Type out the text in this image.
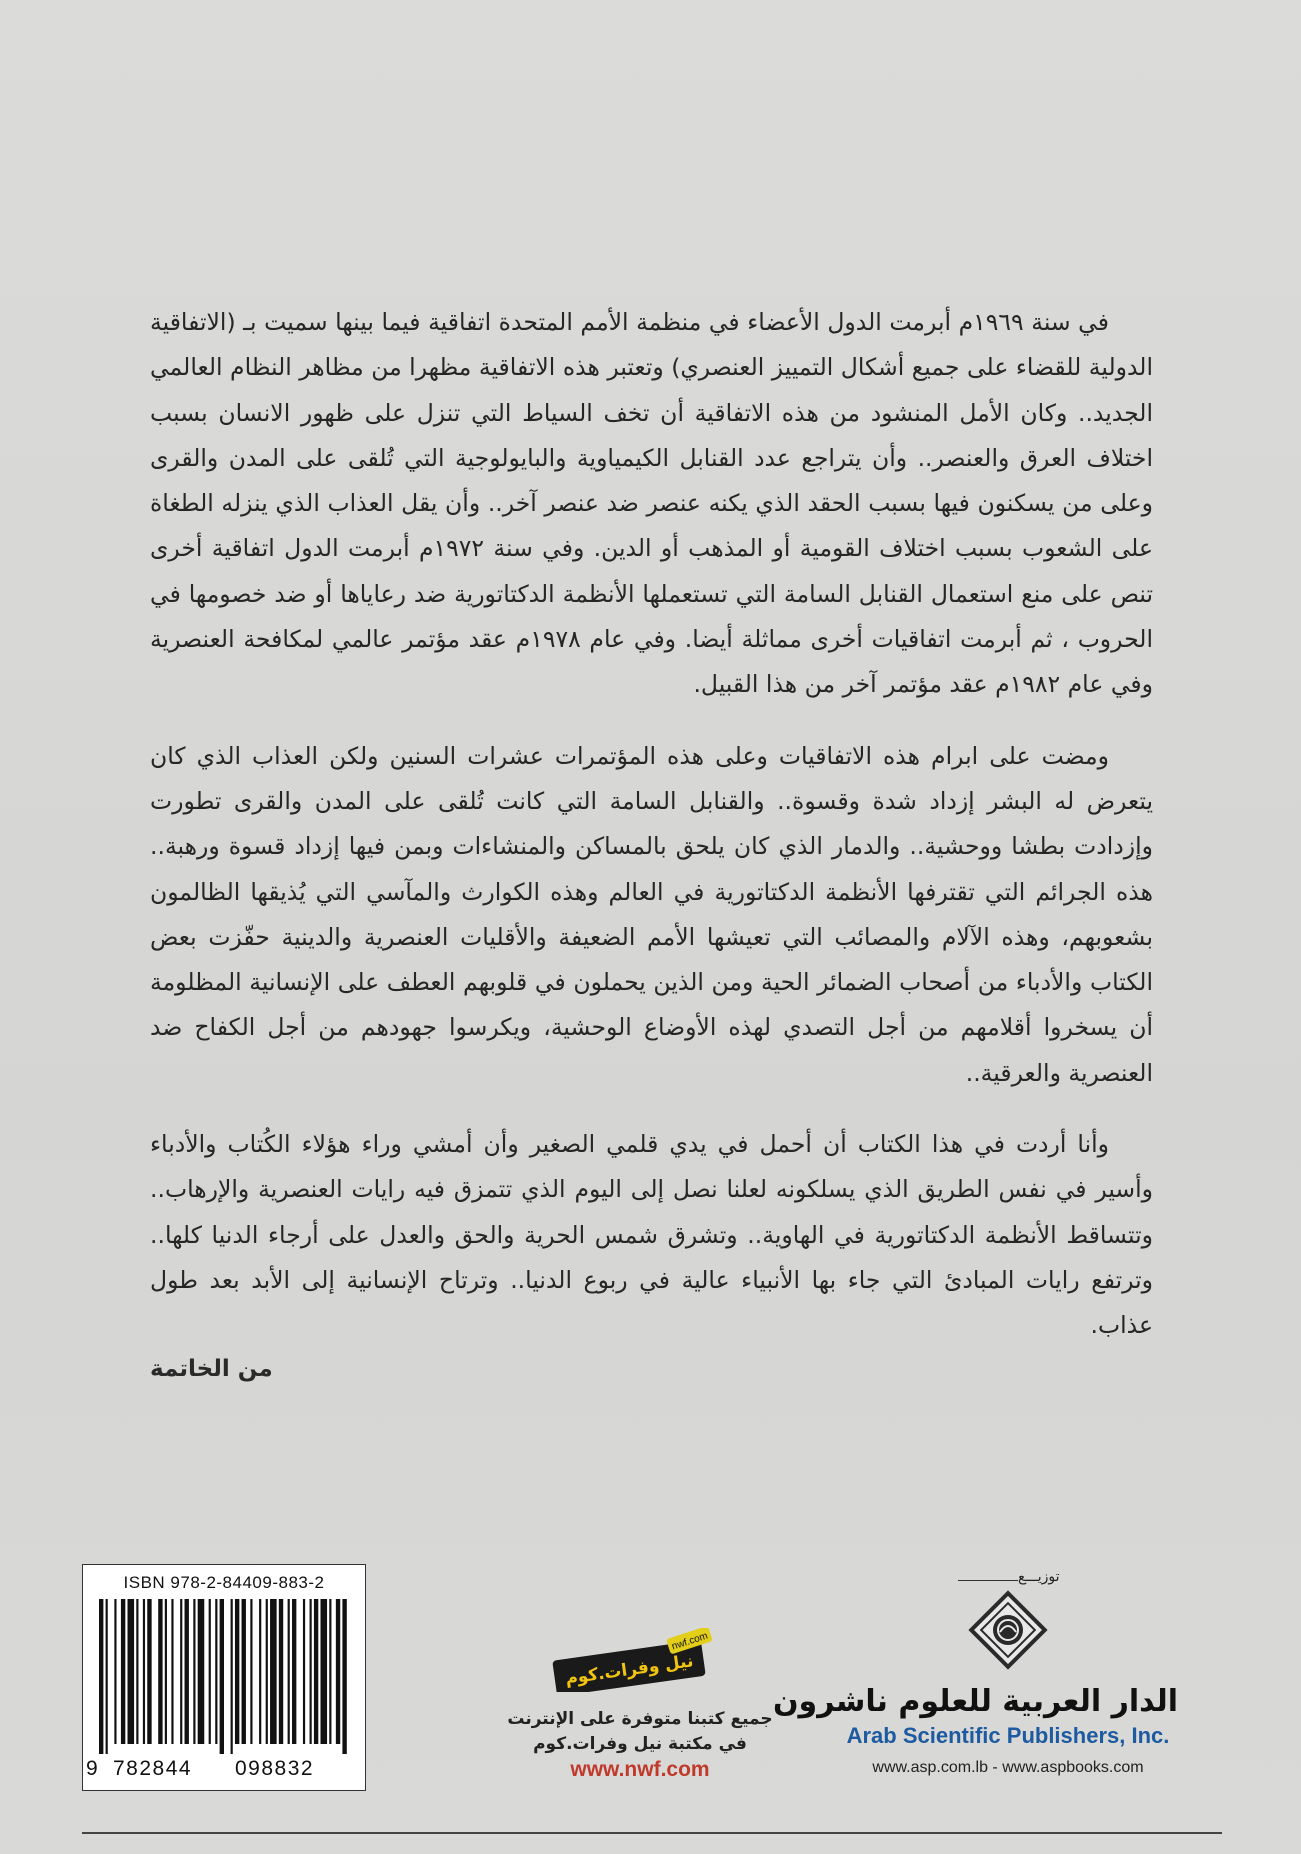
في سنة ١٩٦٩م أبرمت الدول الأعضاء في منظمة الأمم المتحدة اتفاقية فيما بينها سميت بـ (الاتفاقية الدولية للقضاء على جميع أشكال التمييز العنصري) وتعتبر هذه الاتفاقية مظهرا من مظاهر النظام العالمي الجديد.. وكان الأمل المنشود من هذه الاتفاقية أن تخف السياط التي تنزل على ظهور الانسان بسبب اختلاف العرق والعنصر.. وأن يتراجع عدد القنابل الكيمياوية والبايولوجية التي تُلقى على المدن والقرى وعلى من يسكنون فيها بسبب الحقد الذي يكنه عنصر ضد عنصر آخر.. وأن يقل العذاب الذي ينزله الطغاة على الشعوب بسبب اختلاف القومية أو المذهب أو الدين. وفي سنة ١٩٧٢م أبرمت الدول اتفاقية أخرى تنص على منع استعمال القنابل السامة التي تستعملها الأنظمة الدكتاتورية ضد رعاياها أو ضد خصومها في الحروب ، ثم أبرمت اتفاقيات أخرى مماثلة أيضا. وفي عام ١٩٧٨م عقد مؤتمر عالمي لمكافحة العنصرية وفي عام ١٩٨٢م عقد مؤتمر آخر من هذا القبيل.

ومضت على ابرام هذه الاتفاقيات وعلى هذه المؤتمرات عشرات السنين ولكن العذاب الذي كان يتعرض له البشر إزداد شدة وقسوة.. والقنابل السامة التي كانت تُلقى على المدن والقرى تطورت وإزدادت بطشا ووحشية.. والدمار الذي كان يلحق بالمساكن والمنشاءات وبمن فيها إزداد قسوة ورهبة.. هذه الجرائم التي تقترفها الأنظمة الدكتاتورية في العالم وهذه الكوارث والمآسي التي يُذيقها الظالمون بشعوبهم، وهذه الآلام والمصائب التي تعيشها الأمم الضعيفة والأقليات العنصرية والدينية حفّزت بعض الكتاب والأدباء من أصحاب الضمائر الحية ومن الذين يحملون في قلوبهم العطف على الإنسانية المظلومة أن يسخروا أقلامهم من أجل التصدي لهذه الأوضاع الوحشية، ويكرسوا جهودهم من أجل الكفاح ضد العنصرية والعرقية..

وأنا أردت في هذا الكتاب أن أحمل في يدي قلمي الصغير وأن أمشي وراء هؤلاء الكُتاب والأدباء وأسير في نفس الطريق الذي يسلكونه لعلنا نصل إلى اليوم الذي تتمزق فيه رايات العنصرية والإرهاب.. وتتساقط الأنظمة الدكتاتورية في الهاوية.. وتشرق شمس الحرية والحق والعدل على أرجاء الدنيا كلها.. وترتفع رايات المبادئ التي جاء بها الأنبياء عالية في ربوع الدنيا.. وترتاح الإنسانية إلى الأبد بعد طول عذاب.

من الخاتمة
ISBN 978-2-84409-883-2
9 782844 098832
نيل وفرات.كوم
nwf.com
جميع كتبنا متوفرة على الإنترنت
في مكتبة نيل وفرات.كوم
www.nwf.com
توزيـــع
الدار العربية للعلوم ناشرون
Arab Scientific Publishers, Inc.
www.asp.com.lb - www.aspbooks.com
